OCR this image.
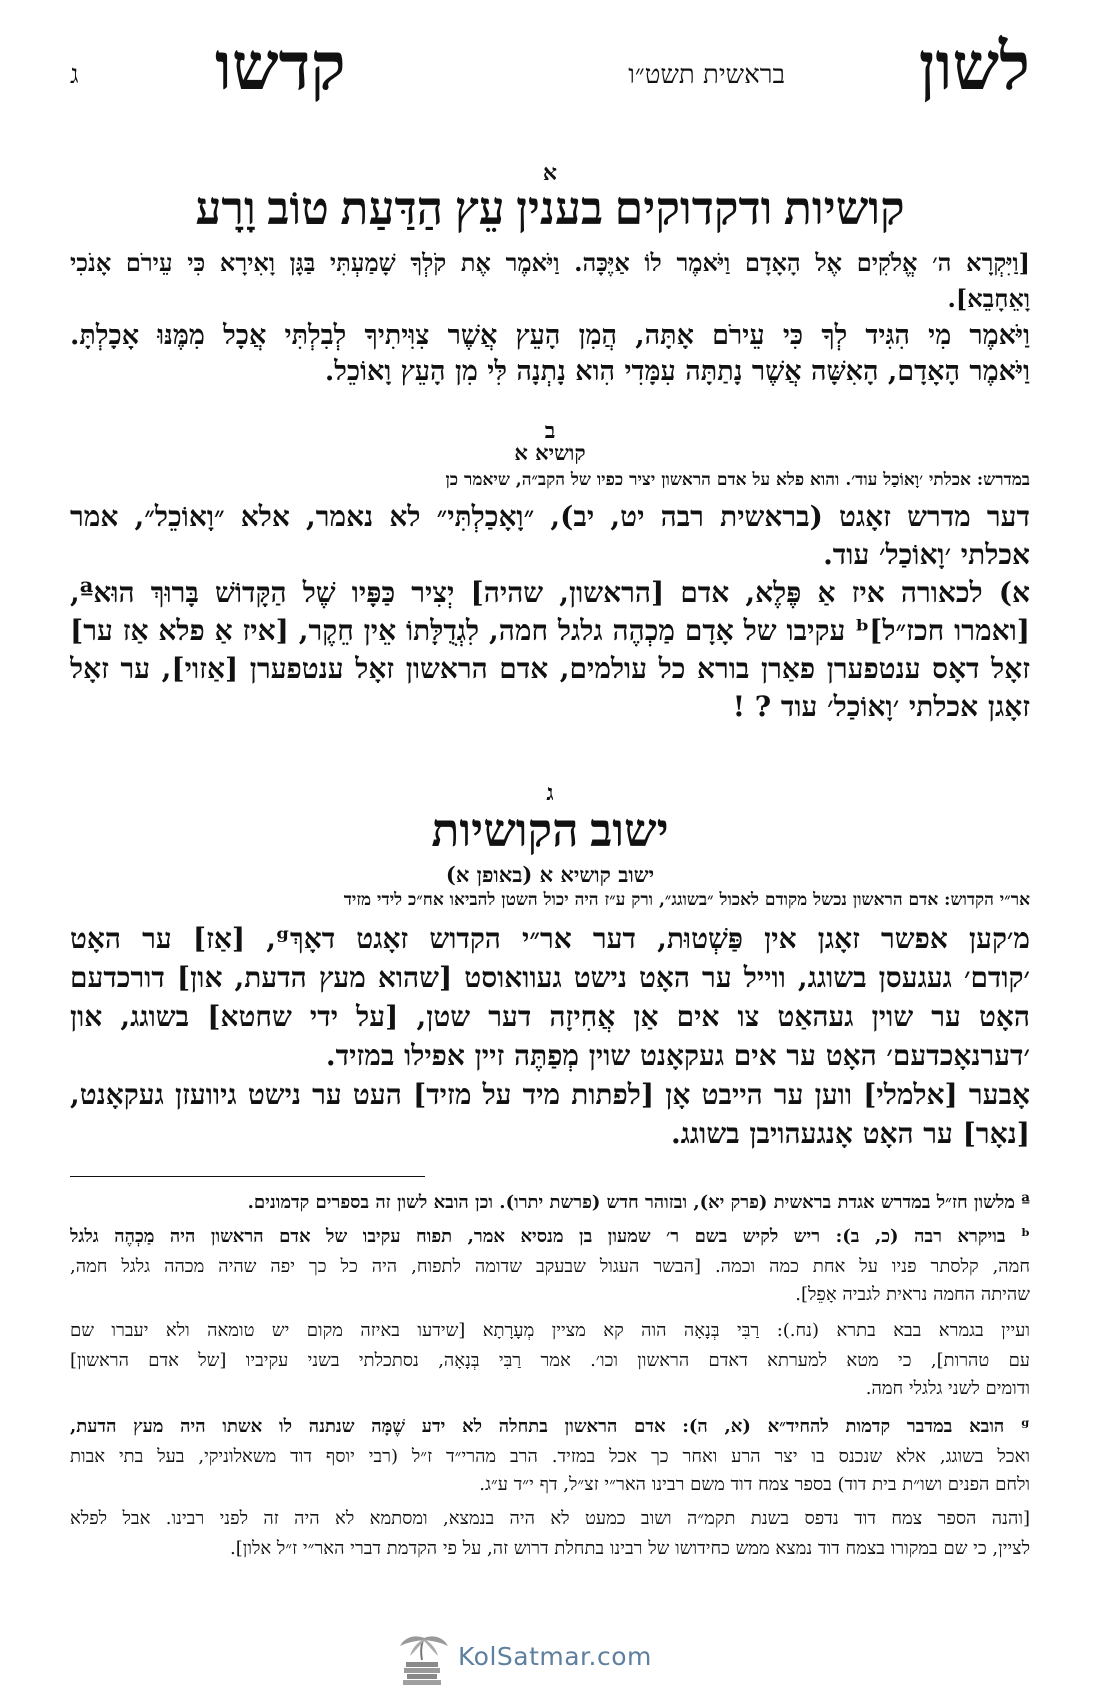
לשון
בראשית תשט״ו
קדשו
ג
א
קושיות ודקדוקים בענין עֵץ הַדַּעַת טוֹב וָרָע
[וַיִּקְרָא ה׳ אֱלֹקִים אֶל הָאָדָם וַיֹּאמֶר לוֹ אַיֶּכָּה. וַיֹּאמֶר אֶת קֹלְךָ שָׁמַעְתִּי בַּגָּן וָאִירָא כִּי עֵירֹם אָנֹכִי
וָאֵחָבֵא].
וַיֹּאמֶר מִי הִגִּיד לְךָ כִּי עֵירֹם אָתָּה, הֲמִן הָעֵץ אֲשֶׁר צִוִּיתִיךָ לְבִלְתִּי אֲכָל מִמֶּנּוּ אָכָלְתָּ.
וַיֹּאמֶר הָאָדָם, הָאִשָּׁה אֲשֶׁר נָתַתָּה עִמָּדִי הִוא נָתְנָה לִּי מִן הָעֵץ וָאוֹכֵל.
ב
קושיא א
במדרש: אכלתי ׳וָאוֹכַל עוד׳. והוא פלא על אדם הראשון יציר כפיו של הקב״ה, שיאמר כן
דער מדרש זאָגט (בראשית רבה יט, יב), ״וָאָכַלְתִּי״ לא נאמר, אלא ״וָאוֹכֵל״, אמר
אכלתי ׳וָאוֹכַל׳ עוד.
א) לכאורה איז אַ פֶּלֶא, אדם [הראשון, שהיה] יְצִיר כַּפָּיו שֶׁל הַקָּדוֹשׁ בָּרוּךְ הוּאª,
[ואמרו חכז״ל]ᵇ עקיבו של אָדָם מַכְהֶה גלגל חמה, לִגְדֻלָּתוֹ אֵין חֵקֶר, [איז אַ פלא אַז ער]
זאָל דאָס ענטפערן פאַרן בורא כל עולמים, אדם הראשון זאָל ענטפערן [אַזוי], ער זאָל
זאָגן אכלתי ׳וָאוֹכַל׳ עוד ? !
ג
ישוב הקושיות
ישוב קושיא א (באופן א)
אר״י הקדוש: אדם הראשון נכשל מקודם לאכול ״בשוגג״, ורק ע״ז היה יכול השטן להביאו אח״כ לידי מזיד
מ׳קען אפשר זאָגן אין פַּשְׁטוּת, דער אר״י הקדוש זאָגט דאָךְᵍ, [אַז] ער האָט
׳קודם׳ געגעסן בשוגג, ווייל ער האָט נישט געוואוסט [שהוא מעץ הדעת, און] דורכדעם
האָט ער שוין געהאַט צו אים אַן אֲחִיזָה דער שטן, [על ידי שחטא] בשוגג, און
׳דערנאָכדעם׳ האָט ער אים געקאָנט שוין מְפַתֶּה זיין אפילו במזיד.
אָבער [אלמלי] ווען ער הייבט אָן [לפתות מיד על מזיד] העט ער נישט גיוועזן געקאָנט,
[נאָר] ער האָט אָנגעהויבן בשוגג.
ª מלשון חז״ל במדרש אגדת בראשית (פרק יא), ובזוהר חדש (פרשת יתרו). וכן הובא לשון זה בספרים קדמונים.
ᵇ בויקרא רבה (כ, ב): ריש לקיש בשם ר׳ שמעון בן מנסיא אמר, תפוח עקיבו של אדם הראשון היה מַכְהֶה גלגל
חמה, קלסתר פניו על אחת כמה וכמה. [הבשר העגול שבעקב שדומה לתפוח, היה כל כך יפה שהיה מכהה גלגל חמה,
שהיתה החמה נראית לגביה אָפֵל].
ועיין בגמרא בבא בתרא (נח.): רַבִּי בְּנָאָה הוה קא מציין מְעָרָתָא [שידעו באיזה מקום יש טומאה ולא יעברו שם
עם טהרות], כי מטא למערתא דאדם הראשון וכו׳. אמר רַבִּי בְּנָאָה, נסתכלתי בשני עקיביו [של אדם הראשון]
ודומים לשני גלגלי חמה.
ᵍ הובא במדבר קדמות להחיד״א (א, ה): אדם הראשון בתחלה לא ידע שֶׁמָּה שנתנה לו אשתו היה מעץ הדעת,
ואכל בשוגג, אלא שנכנס בו יצר הרע ואחר כך אכל במזיד. הרב מהרי״ד ז״ל (רבי יוסף דוד משאלוניקי, בעל בתי אבות
ולחם הפנים ושו״ת בית דוד) בספר צמח דוד משם רבינו האר״י זצ״ל, דף י״ד ע״ג.
[והנה הספר צמח דוד נדפס בשנת תקמ״ה ושוב כמעט לא היה בנמצא, ומסתמא לא היה זה לפני רבינו. אבל לפלא
לציין, כי שם במקורו בצמח דוד נמצא ממש כחידושו של רבינו בתחלת דרוש זה, על פי הקדמת דברי האר״י ז״ל אלון].
KolSatmar.com
